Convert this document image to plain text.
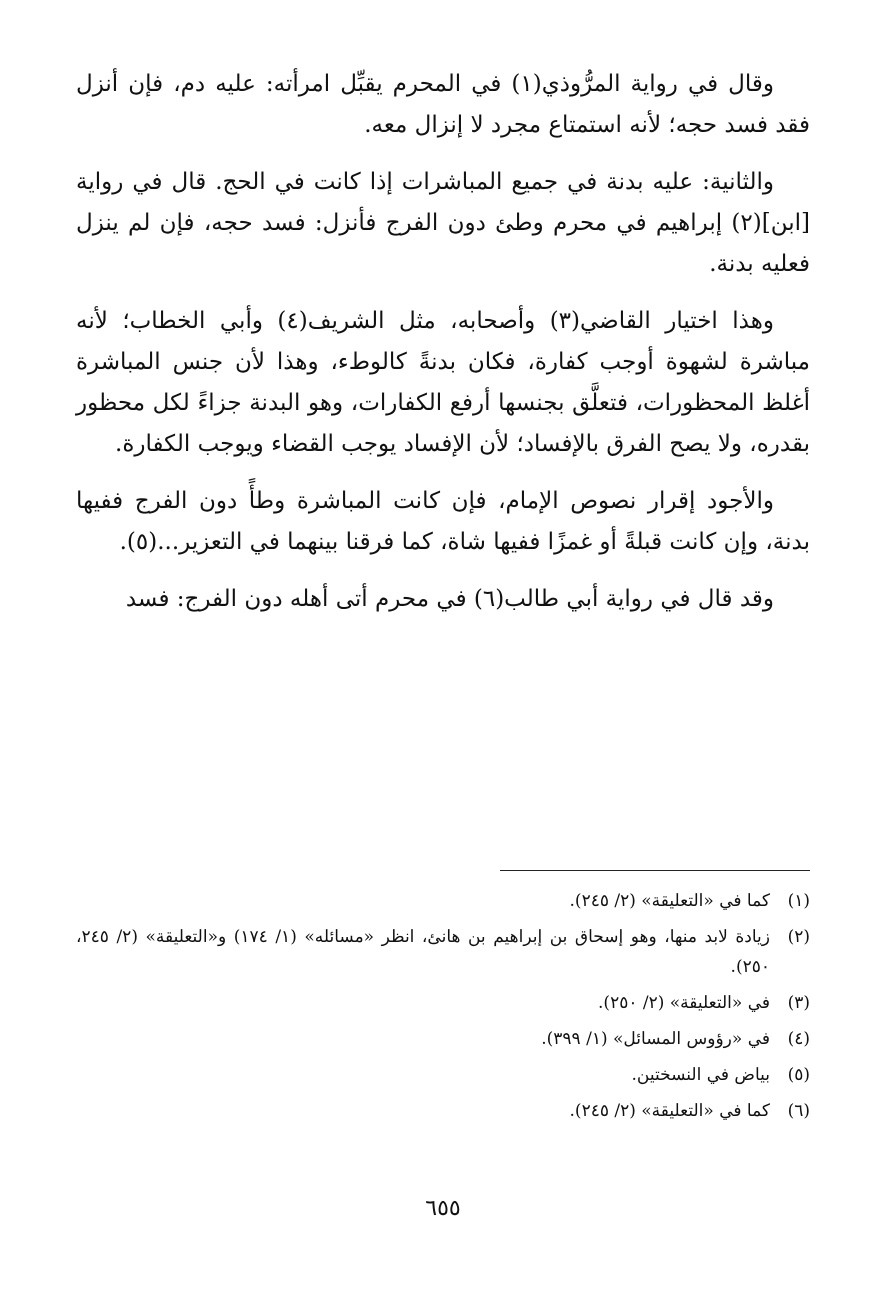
وقال في رواية المرُّوذي(١) في المحرم يقبِّل امرأته: عليه دم، فإن أنزل فقد فسد حجه؛ لأنه استمتاع مجرد لا إنزال معه.

والثانية: عليه بدنة في جميع المباشرات إذا كانت في الحج. قال في رواية [ابن](٢) إبراهيم في محرم وطئ دون الفرج فأنزل: فسد حجه، فإن لم ينزل فعليه بدنة.

وهذا اختيار القاضي(٣) وأصحابه، مثل الشريف(٤) وأبي الخطاب؛ لأنه مباشرة لشهوة أوجب كفارة، فكان بدنةً كالوطء، وهذا لأن جنس المباشرة أغلظ المحظورات، فتعلَّق بجنسها أرفع الكفارات، وهو البدنة جزاءً لكل محظور بقدره، ولا يصح الفرق بالإفساد؛ لأن الإفساد يوجب القضاء ويوجب الكفارة.

والأجود إقرار نصوص الإمام، فإن كانت المباشرة وطأً دون الفرج ففيها بدنة، وإن كانت قبلةً أو غمزًا ففيها شاة، كما فرقنا بينهما في التعزير...(٥).

وقد قال في رواية أبي طالب(٦) في محرم أتى أهله دون الفرج: فسد

(١)
كما في «التعليقة» (٢/ ٢٤٥).
(٢)
زيادة لابد منها، وهو إسحاق بن إبراهيم بن هانئ، انظر «مسائله» (١/ ١٧٤) و«التعليقة» (٢/ ٢٤٥، ٢٥٠).
(٣)
في «التعليقة» (٢/ ٢٥٠).
(٤)
في «رؤوس المسائل» (١/ ٣٩٩).
(٥)
بياض في النسختين.
(٦)
كما في «التعليقة» (٢/ ٢٤٥).
٦٥٥
